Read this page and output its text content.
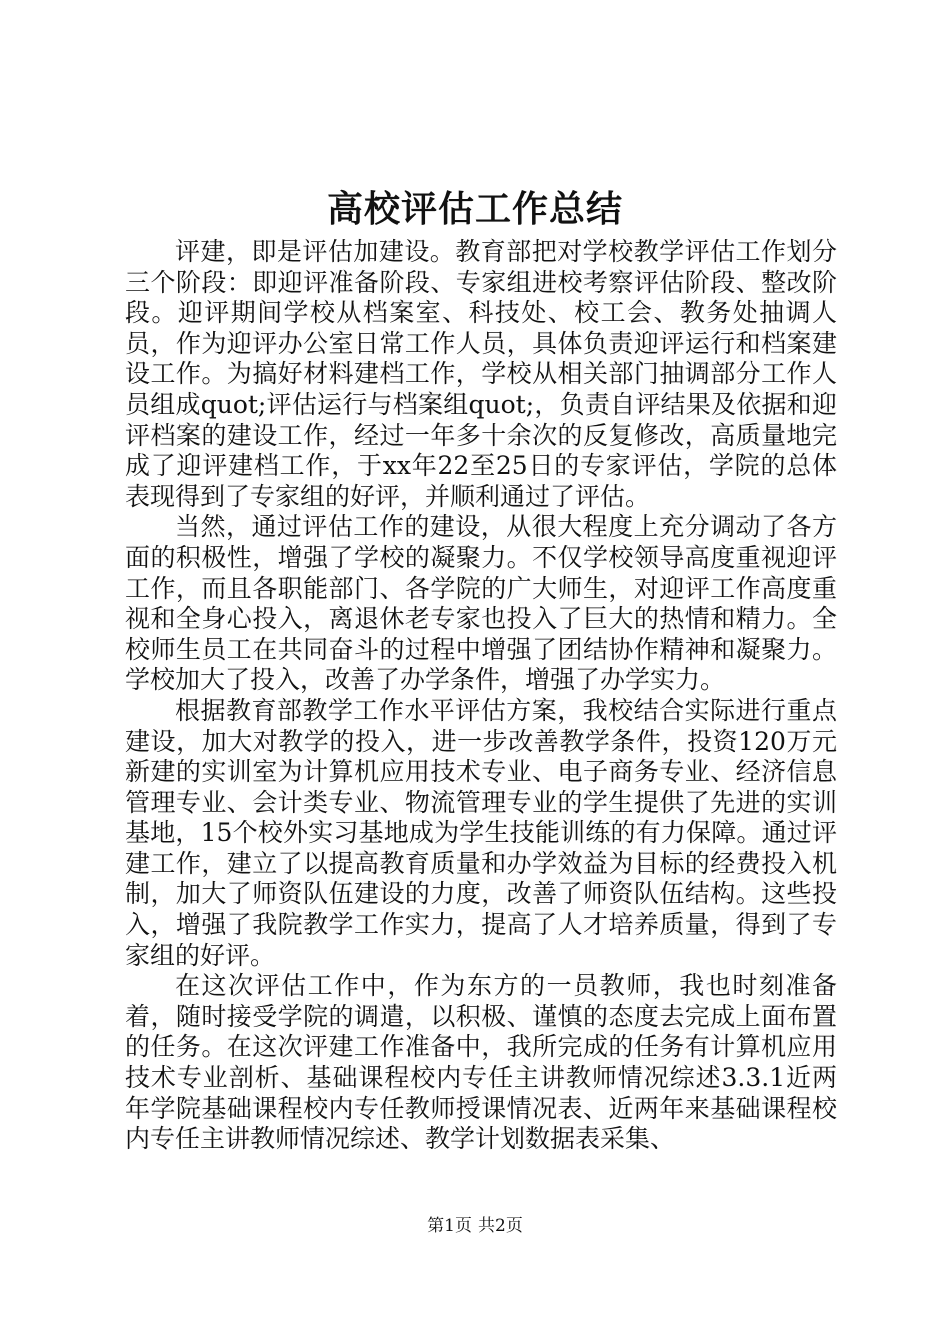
高校评估工作总结

评建，即是评估加建设。教育部把对学校教学评估工作划分三个阶段：即迎评准备阶段、专家组进校考察评估阶段、整改阶段。迎评期间学校从档案室、科技处、校工会、教务处抽调人员，作为迎评办公室日常工作人员，具体负责迎评运行和档案建设工作。为搞好材料建档工作，学校从相关部门抽调部分工作人员组成quot;评估运行与档案组quot;，负责自评结果及依据和迎评档案的建设工作，经过一年多十余次的反复修改，高质量地完成了迎评建档工作，于xx年22至25日的专家评估，学院的总体表现得到了专家组的好评，并顺利通过了评估。

当然，通过评估工作的建设，从很大程度上充分调动了各方面的积极性，增强了学校的凝聚力。不仅学校领导高度重视迎评工作，而且各职能部门、各学院的广大师生，对迎评工作高度重视和全身心投入，离退休老专家也投入了巨大的热情和精力。全校师生员工在共同奋斗的过程中增强了团结协作精神和凝聚力。学校加大了投入，改善了办学条件，增强了办学实力。

根据教育部教学工作水平评估方案，我校结合实际进行重点建设，加大对教学的投入，进一步改善教学条件，投资120万元新建的实训室为计算机应用技术专业、电子商务专业、经济信息管理专业、会计类专业、物流管理专业的学生提供了先进的实训基地，15个校外实习基地成为学生技能训练的有力保障。通过评建工作，建立了以提高教育质量和办学效益为目标的经费投入机制，加大了师资队伍建设的力度，改善了师资队伍结构。这些投入，增强了我院教学工作实力，提高了人才培养质量，得到了专家组的好评。

在这次评估工作中，作为东方的一员教师，我也时刻准备着，随时接受学院的调遣，以积极、谨慎的态度去完成上面布置的任务。在这次评建工作准备中，我所完成的任务有计算机应用技术专业剖析、基础课程校内专任主讲教师情况综述3.3.1近两年学院基础课程校内专任教师授课情况表、近两年来基础课程校内专任主讲教师情况综述、教学计划数据表采集、

第1页 共2页
